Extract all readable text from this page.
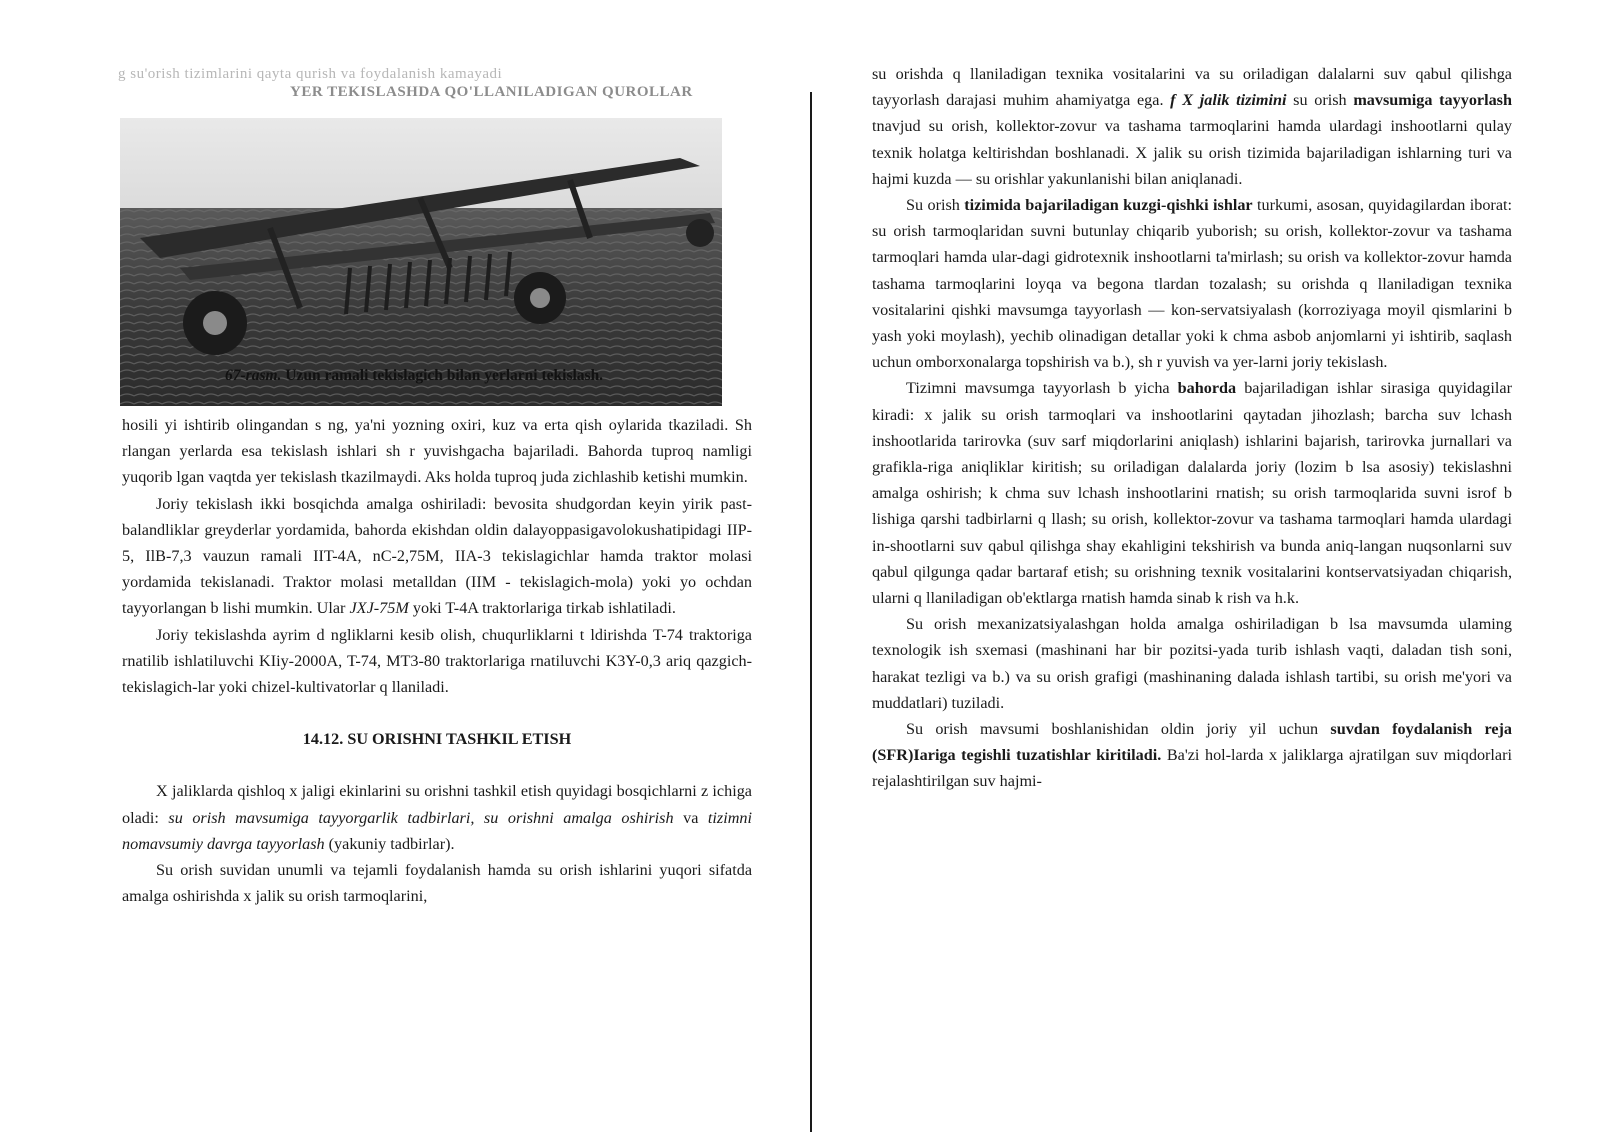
g su'orish tizimlarini qayta qurish va foydalanish kamayadi
YER TEKISLASHDA QO'LLANILADIGAN QUROLLAR
67-rasm. Uzun ramali tekislagich bilan yerlarni tekislash.

hosili yi ishtirib olingandan s ng, ya'ni yozning oxiri, kuz va erta qish oylarida tkaziladi. Sh rlangan yerlarda esa tekislash ishlari sh r yuvishgacha bajariladi. Bahorda tuproq namligi yuqorib lgan vaqtda yer tekislash tkazilmaydi. Aks holda tuproq juda zichlashib ketishi mumkin.

Joriy tekislash ikki bosqichda amalga oshiriladi: bevosita shudgordan keyin yirik past-balandliklar greyderlar yordamida, bahorda ekishdan oldin dalayoppasigavolokushatipidagi IIP-5, IlB-7,3 vauzun ramali IIT-4A, nC-2,75M, IIA-3 tekislagichlar hamda traktor molasi yordamida tekislanadi. Traktor molasi metalldan (IIM - tekislagich-mola) yoki yo ochdan tayyorlangan b lishi mumkin. Ular JXJ-75M yoki T-4A traktorlariga tirkab ishlatiladi.

Joriy tekislashda ayrim d ngliklarni kesib olish, chuqurliklarni t ldirishda T-74 traktoriga rnatilib ishlatiluvchi KIiy-2000A, T-74, MT3-80 traktorlariga rnatiluvchi K3Y-0,3 ariq qazgich-tekislagich-lar yoki chizel-kultivatorlar q llaniladi.

14.12. SU ORISHNI TASHKIL ETISH

X jaliklarda qishloq x jaligi ekinlarini su orishni tashkil etish quyidagi bosqichlarni z ichiga oladi: su orish mavsumiga tayyorgarlik tadbirlari, su orishni amalga oshirish va tizimni nomavsumiy davrga tayyorlash (yakuniy tadbirlar).

Su orish suvidan unumli va tejamli foydalanish hamda su orish ishlarini yuqori sifatda amalga oshirishda x jalik su orish tarmoqlarini,

su orishda q llaniladigan texnika vositalarini va su oriladigan dalalarni suv qabul qilishga tayyorlash darajasi muhim ahamiyatga ega. f X jalik tizimini su orish mavsumiga tayyorlash tnavjud su orish, kollektor-zovur va tashama tarmoqlarini hamda ulardagi inshootlarni qulay texnik holatga keltirishdan boshlanadi. X jalik su orish tizimida bajariladigan ishlarning turi va hajmi kuzda — su orishlar yakunlanishi bilan aniqlanadi.

Su orish tizimida bajariladigan kuzgi-qishki ishlar turkumi, asosan, quyidagilardan iborat: su orish tarmoqlaridan suvni butunlay chiqarib yuborish; su orish, kollektor-zovur va tashama tarmoqlari hamda ular-dagi gidrotexnik inshootlarni ta'mirlash; su orish va kollektor-zovur hamda tashama tarmoqlarini loyqa va begona tlardan tozalash; su orishda q llaniladigan texnika vositalarini qishki mavsumga tayyorlash — kon-servatsiyalash (korroziyaga moyil qismlarini b yash yoki moylash), yechib olinadigan detallar yoki k chma asbob anjomlarni yi ishtirib, saqlash uchun omborxonalarga topshirish va b.), sh r yuvish va yer-larni joriy tekislash.

Tizimni mavsumga tayyorlash b yicha bahorda bajariladigan ishlar sirasiga quyidagilar kiradi: x jalik su orish tarmoqlari va inshootlarini qaytadan jihozlash; barcha suv lchash inshootlarida tarirovka (suv sarf miqdorlarini aniqlash) ishlarini bajarish, tarirovka jurnallari va grafikla-riga aniqliklar kiritish; su oriladigan dalalarda joriy (lozim b lsa asosiy) tekislashni amalga oshirish; k chma suv lchash inshootlarini rnatish; su orish tarmoqlarida suvni isrof b lishiga qarshi tadbirlarni q llash; su orish, kollektor-zovur va tashama tarmoqlari hamda ulardagi in-shootlarni suv qabul qilishga shay ekahligini tekshirish va bunda aniq-langan nuqsonlarni suv qabul qilgunga qadar bartaraf etish; su orishning texnik vositalarini kontservatsiyadan chiqarish, ularni q llaniladigan ob'ektlarga rnatish hamda sinab k rish va h.k.

Su orish mexanizatsiyalashgan holda amalga oshiriladigan b lsa mavsumda ulaming texnologik ish sxemasi (mashinani har bir pozitsi-yada turib ishlash vaqti, daladan tish soni, harakat tezligi va b.) va su orish grafigi (mashinaning dalada ishlash tartibi, su orish me'yori va muddatlari) tuziladi.

Su orish mavsumi boshlanishidan oldin joriy yil uchun suvdan foydalanish reja (SFR)Iariga tegishli tuzatishlar kiritiladi. Ba'zi hol-larda x jaliklarga ajratilgan suv miqdorlari rejalashtirilgan suv hajmi-
